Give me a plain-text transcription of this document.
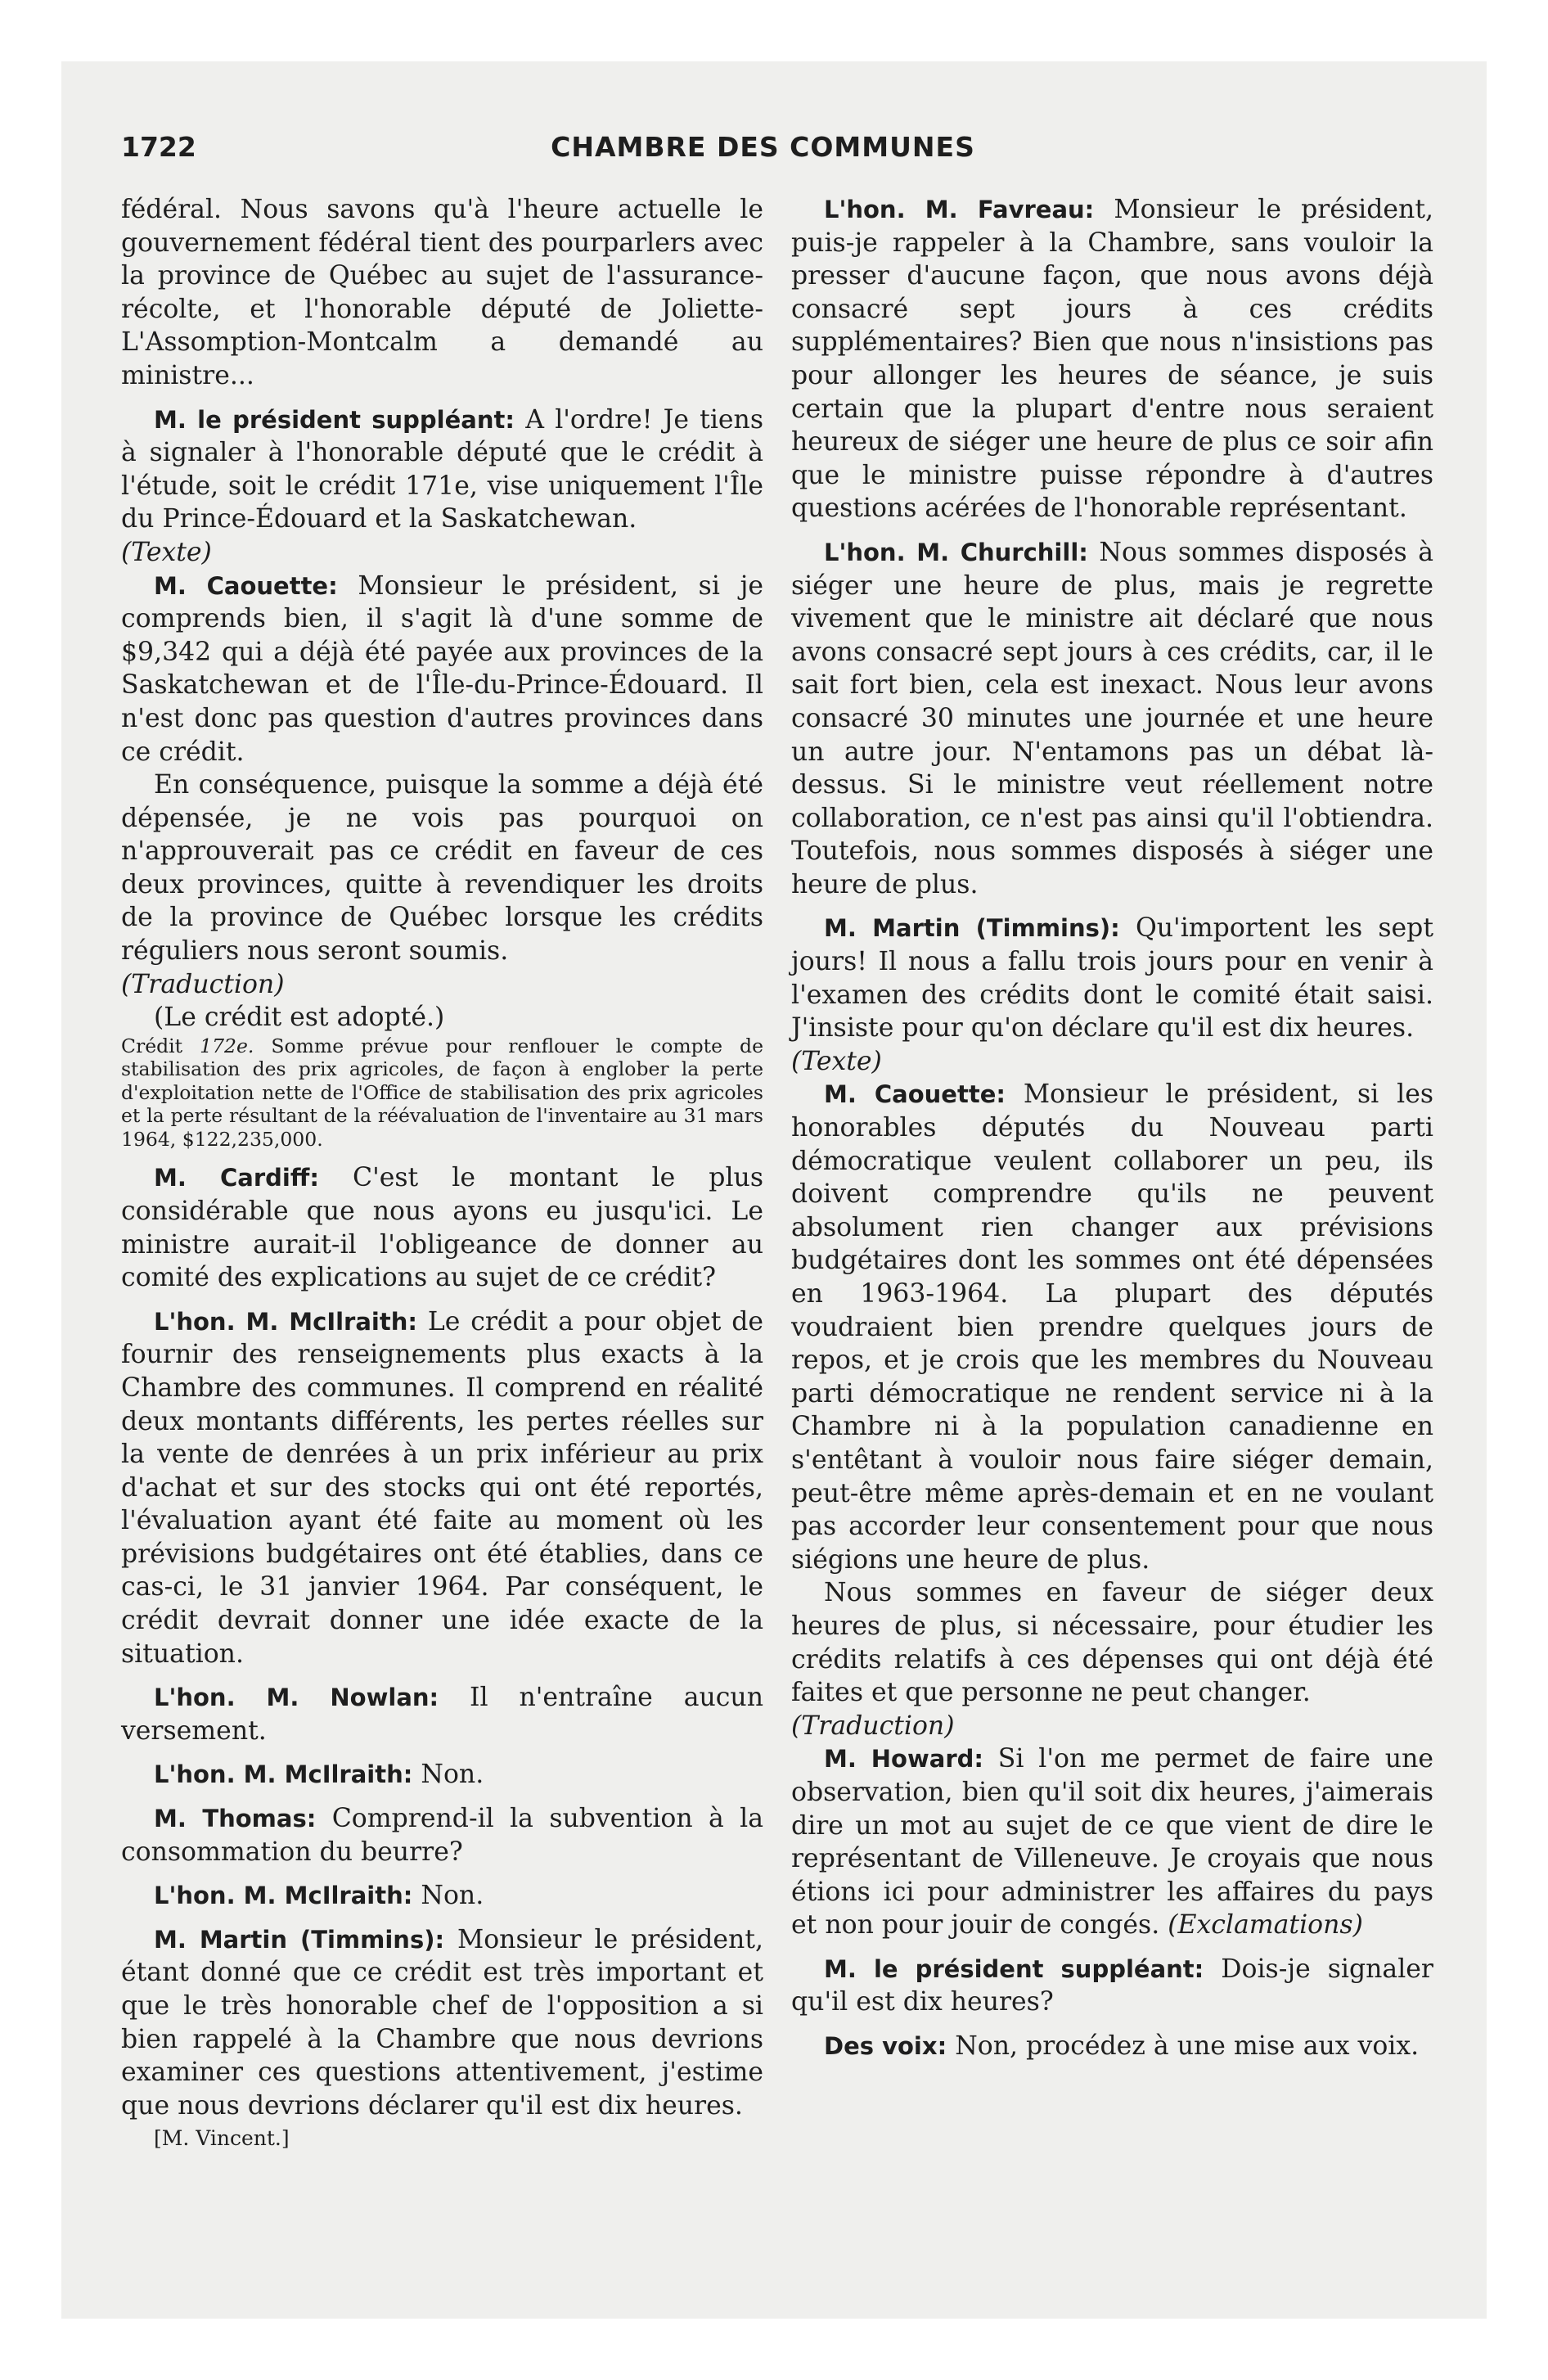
1722	CHAMBRE DES COMMUNES

fédéral. Nous savons qu'à l'heure actuelle le gouvernement fédéral tient des pourparlers avec la province de Québec au sujet de l'assurance-récolte, et l'honorable député de Joliette-L'Assomption-Montcalm a demandé au ministre...

M. le président suppléant: A l'ordre! Je tiens à signaler à l'honorable député que le crédit à l'étude, soit le crédit 171e, vise uniquement l'Île du Prince-Édouard et la Saskatchewan.

(Texte)

M. Caouette: Monsieur le président, si je comprends bien, il s'agit là d'une somme de $9,342 qui a déjà été payée aux provinces de la Saskatchewan et de l'Île-du-Prince-Édouard. Il n'est donc pas question d'autres provinces dans ce crédit.

En conséquence, puisque la somme a déjà été dépensée, je ne vois pas pourquoi on n'approuverait pas ce crédit en faveur de ces deux provinces, quitte à revendiquer les droits de la province de Québec lorsque les crédits réguliers nous seront soumis.

(Traduction)

(Le crédit est adopté.)

Crédit 172e. Somme prévue pour renflouer le compte de stabilisation des prix agricoles, de façon à englober la perte d'exploitation nette de l'Office de stabilisation des prix agricoles et la perte résultant de la réévaluation de l'inventaire au 31 mars 1964, $122,235,000.

M. Cardiff: C'est le montant le plus considérable que nous ayons eu jusqu'ici. Le ministre aurait-il l'obligeance de donner au comité des explications au sujet de ce crédit?

L'hon. M. McIlraith: Le crédit a pour objet de fournir des renseignements plus exacts à la Chambre des communes. Il comprend en réalité deux montants différents, les pertes réelles sur la vente de denrées à un prix inférieur au prix d'achat et sur des stocks qui ont été reportés, l'évaluation ayant été faite au moment où les prévisions budgétaires ont été établies, dans ce cas-ci, le 31 janvier 1964. Par conséquent, le crédit devrait donner une idée exacte de la situation.

L'hon. M. Nowlan: Il n'entraîne aucun versement.

L'hon. M. McIlraith: Non.

M. Thomas: Comprend-il la subvention à la consommation du beurre?

L'hon. M. McIlraith: Non.

M. Martin (Timmins): Monsieur le président, étant donné que ce crédit est très important et que le très honorable chef de l'opposition a si bien rappelé à la Chambre que nous devrions examiner ces questions attentivement, j'estime que nous devrions déclarer qu'il est dix heures.

[M. Vincent.]

L'hon. M. Favreau: Monsieur le président, puis-je rappeler à la Chambre, sans vouloir la presser d'aucune façon, que nous avons déjà consacré sept jours à ces crédits supplémentaires? Bien que nous n'insistions pas pour allonger les heures de séance, je suis certain que la plupart d'entre nous seraient heureux de siéger une heure de plus ce soir afin que le ministre puisse répondre à d'autres questions acérées de l'honorable représentant.

L'hon. M. Churchill: Nous sommes disposés à siéger une heure de plus, mais je regrette vivement que le ministre ait déclaré que nous avons consacré sept jours à ces crédits, car, il le sait fort bien, cela est inexact. Nous leur avons consacré 30 minutes une journée et une heure un autre jour. N'entamons pas un débat là-dessus. Si le ministre veut réellement notre collaboration, ce n'est pas ainsi qu'il l'obtiendra. Toutefois, nous sommes disposés à siéger une heure de plus.

M. Martin (Timmins): Qu'importent les sept jours! Il nous a fallu trois jours pour en venir à l'examen des crédits dont le comité était saisi. J'insiste pour qu'on déclare qu'il est dix heures.

(Texte)

M. Caouette: Monsieur le président, si les honorables députés du Nouveau parti démocratique veulent collaborer un peu, ils doivent comprendre qu'ils ne peuvent absolument rien changer aux prévisions budgétaires dont les sommes ont été dépensées en 1963-1964. La plupart des députés voudraient bien prendre quelques jours de repos, et je crois que les membres du Nouveau parti démocratique ne rendent service ni à la Chambre ni à la population canadienne en s'entêtant à vouloir nous faire siéger demain, peut-être même après-demain et en ne voulant pas accorder leur consentement pour que nous siégions une heure de plus.

Nous sommes en faveur de siéger deux heures de plus, si nécessaire, pour étudier les crédits relatifs à ces dépenses qui ont déjà été faites et que personne ne peut changer.

(Traduction)

M. Howard: Si l'on me permet de faire une observation, bien qu'il soit dix heures, j'aimerais dire un mot au sujet de ce que vient de dire le représentant de Villeneuve. Je croyais que nous étions ici pour administrer les affaires du pays et non pour jouir de congés. (Exclamations)

M. le président suppléant: Dois-je signaler qu'il est dix heures?

Des voix: Non, procédez à une mise aux voix.
